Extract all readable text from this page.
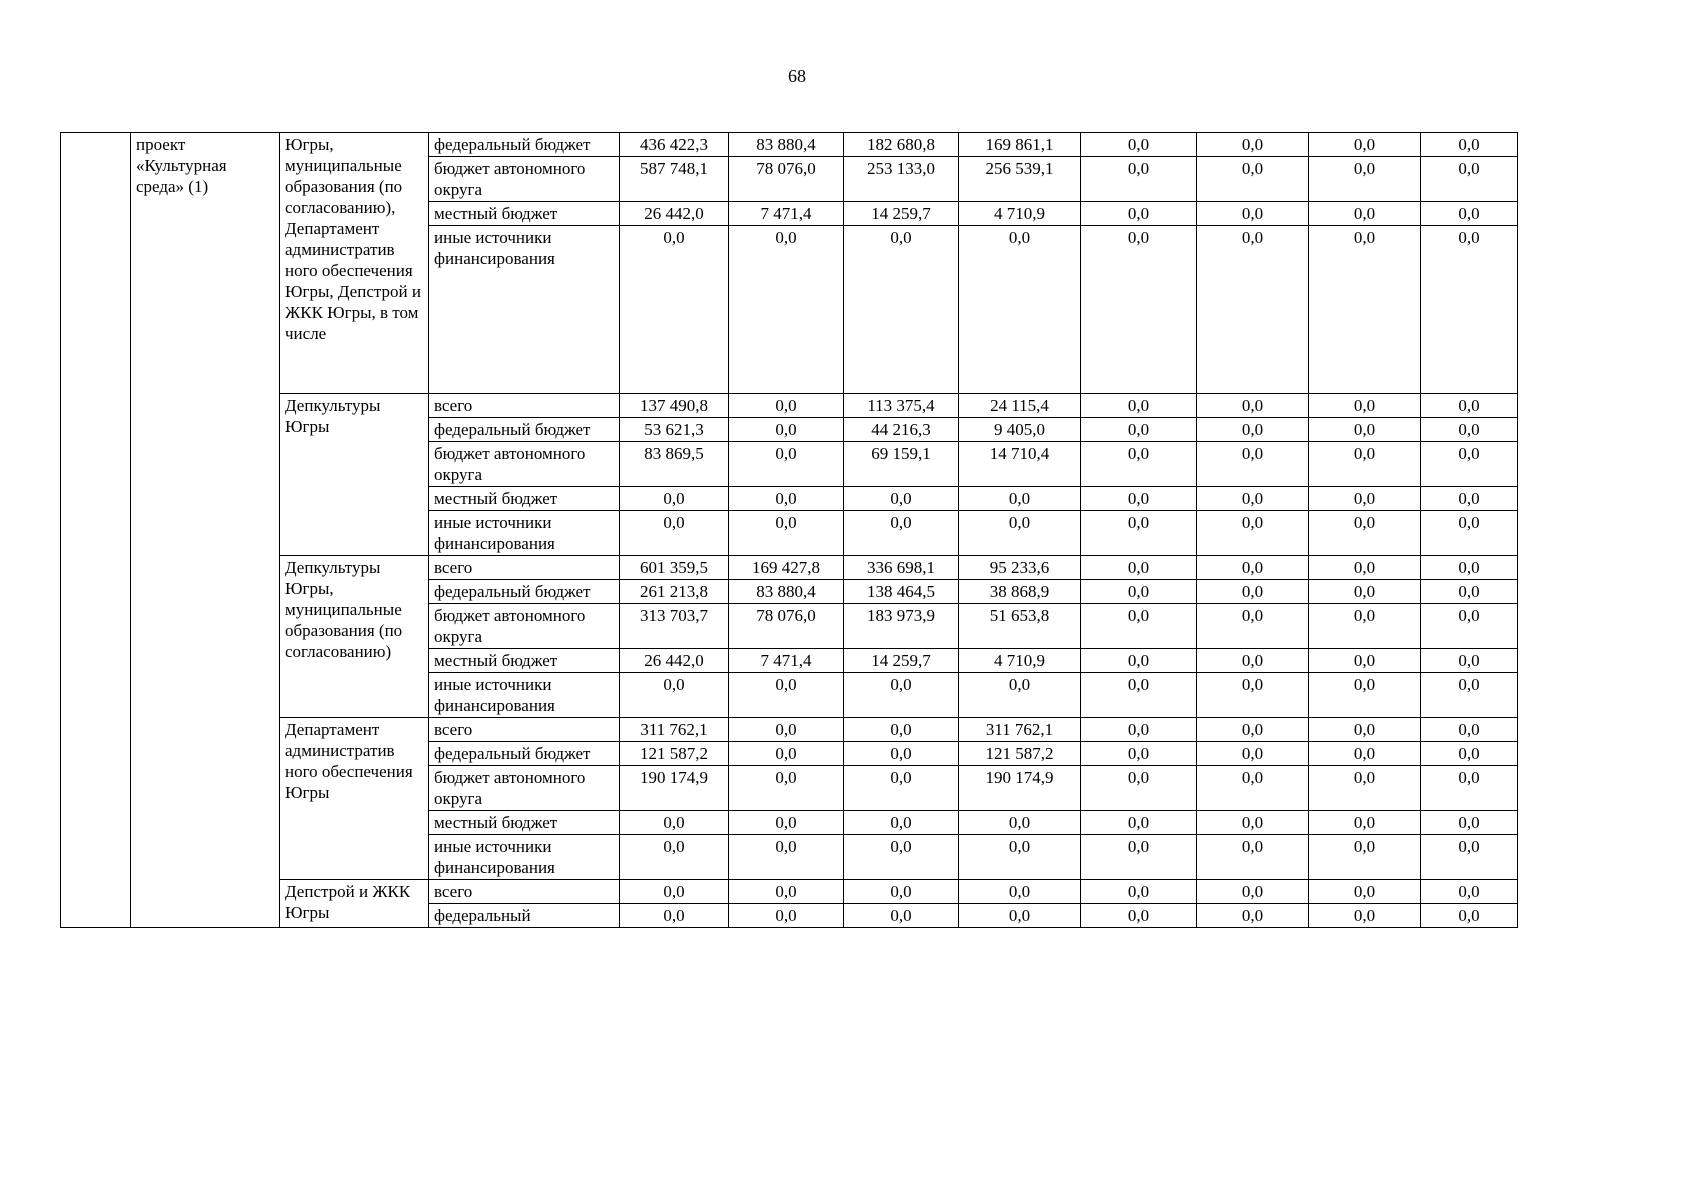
68
	проект «Культурная среда» (1)	Югры, муниципальные образования (по согласованию), Департамент административ ного обеспечения Югры, Депстрой и ЖКК Югры, в том числе	федеральный бюджет	436 422,3	83 880,4	182 680,8	169 861,1	0,0	0,0	0,0	0,0
			бюджет автономного округа	587 748,1	78 076,0	253 133,0	256 539,1	0,0	0,0	0,0	0,0
			местный бюджет	26 442,0	7 471,4	14 259,7	4 710,9	0,0	0,0	0,0	0,0
			иные источники финансирования	0,0	0,0	0,0	0,0	0,0	0,0	0,0	0,0
		Депкультуры Югры	всего	137 490,8	0,0	113 375,4	24 115,4	0,0	0,0	0,0	0,0
			федеральный бюджет	53 621,3	0,0	44 216,3	9 405,0	0,0	0,0	0,0	0,0
			бюджет автономного округа	83 869,5	0,0	69 159,1	14 710,4	0,0	0,0	0,0	0,0
			местный бюджет	0,0	0,0	0,0	0,0	0,0	0,0	0,0	0,0
			иные источники финансирования	0,0	0,0	0,0	0,0	0,0	0,0	0,0	0,0
		Депкультуры Югры, муниципальные образования (по согласованию)	всего	601 359,5	169 427,8	336 698,1	95 233,6	0,0	0,0	0,0	0,0
			федеральный бюджет	261 213,8	83 880,4	138 464,5	38 868,9	0,0	0,0	0,0	0,0
			бюджет автономного округа	313 703,7	78 076,0	183 973,9	51 653,8	0,0	0,0	0,0	0,0
			местный бюджет	26 442,0	7 471,4	14 259,7	4 710,9	0,0	0,0	0,0	0,0
			иные источники финансирования	0,0	0,0	0,0	0,0	0,0	0,0	0,0	0,0
		Департамент административ ного обеспечения Югры	всего	311 762,1	0,0	0,0	311 762,1	0,0	0,0	0,0	0,0
			федеральный бюджет	121 587,2	0,0	0,0	121 587,2	0,0	0,0	0,0	0,0
			бюджет автономного округа	190 174,9	0,0	0,0	190 174,9	0,0	0,0	0,0	0,0
			местный бюджет	0,0	0,0	0,0	0,0	0,0	0,0	0,0	0,0
			иные источники финансирования	0,0	0,0	0,0	0,0	0,0	0,0	0,0	0,0
		Депстрой и ЖКК Югры	всего	0,0	0,0	0,0	0,0	0,0	0,0	0,0	0,0
			федеральный	0,0	0,0	0,0	0,0	0,0	0,0	0,0	0,0
